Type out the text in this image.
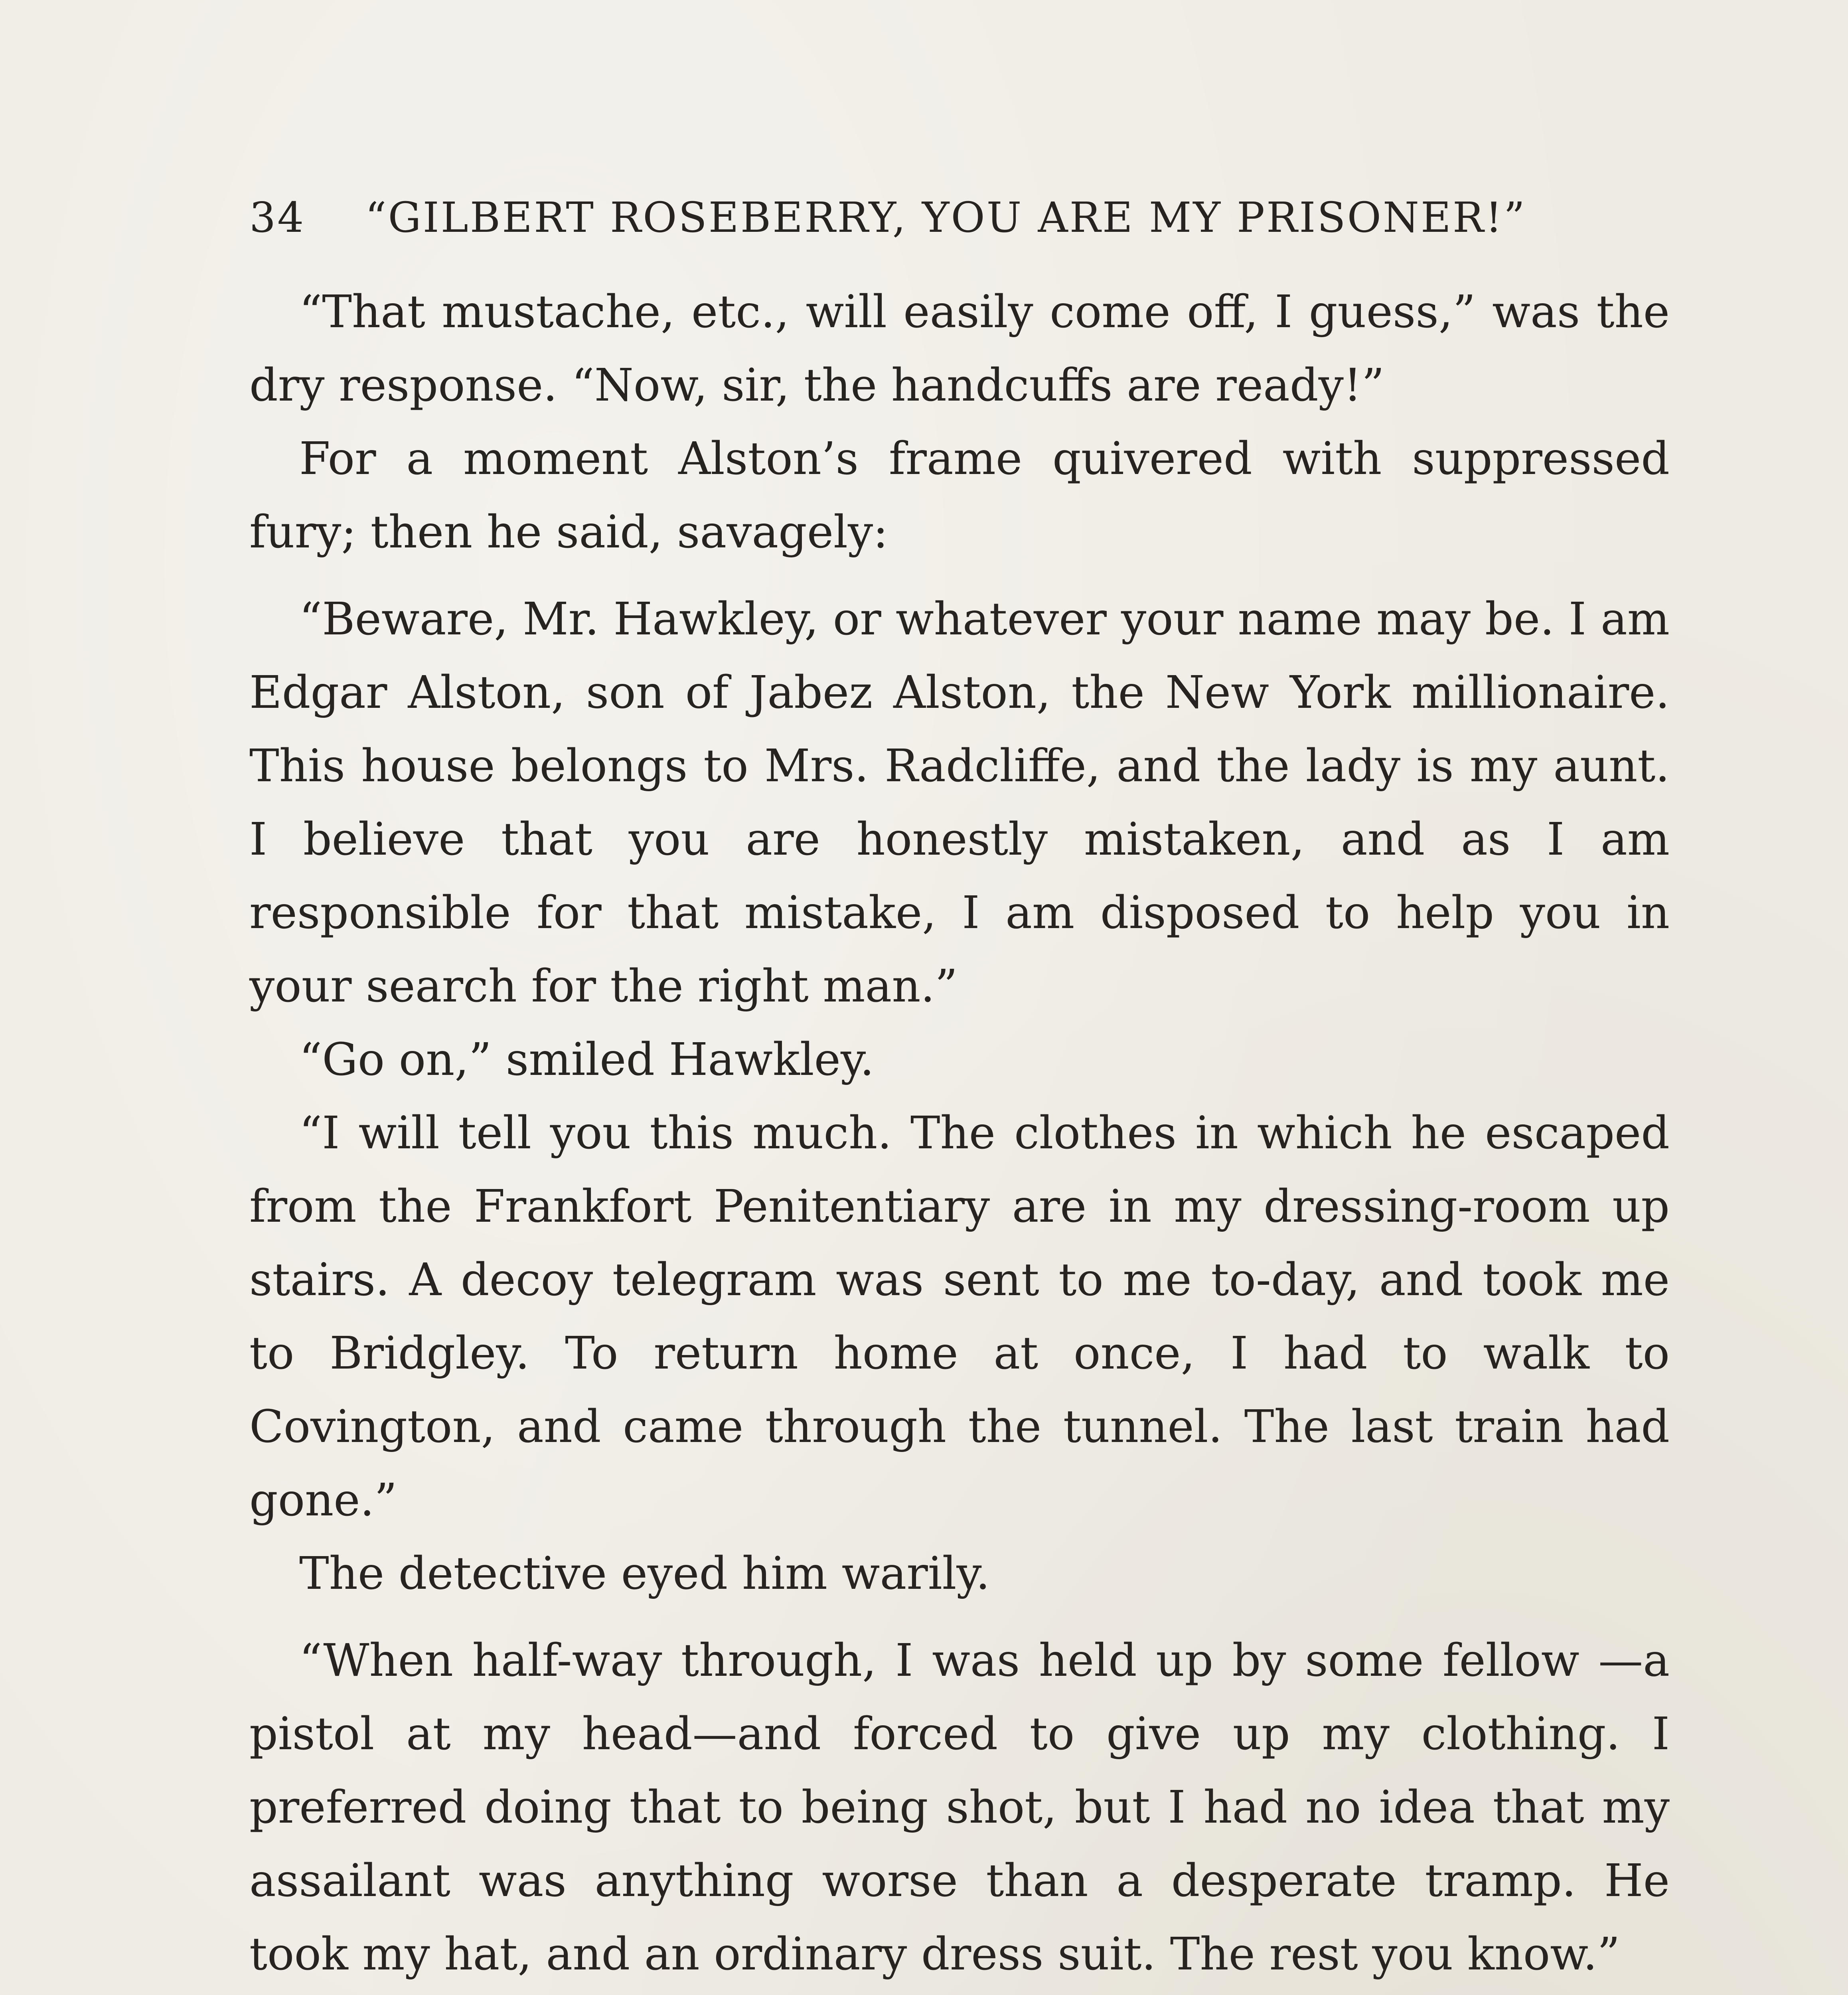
34 “GILBERT ROSEBERRY, YOU ARE MY PRISONER!”

“That mustache, etc., will easily come off, I guess,” was the dry response. “Now, sir, the handcuffs are ready!”

For a moment Alston’s frame quivered with suppressed fury; then he said, savagely:

“Beware, Mr. Hawkley, or whatever your name may be. I am Edgar Alston, son of Jabez Alston, the New York millionaire. This house belongs to Mrs. Radcliffe, and the lady is my aunt. I believe that you are honestly mistaken, and as I am responsible for that mistake, I am disposed to help you in your search for the right man.”

“Go on,” smiled Hawkley.

“I will tell you this much. The clothes in which he escaped from the Frankfort Penitentiary are in my dressing-room up stairs. A decoy telegram was sent to me to-day, and took me to Bridgley. To return home at once, I had to walk to Covington, and came through the tunnel. The last train had gone.”

The detective eyed him warily.

“When half-way through, I was held up by some fellow —a pistol at my head—and forced to give up my clothing. I preferred doing that to being shot, but I had no idea that my assailant was anything worse than a desperate tramp. He took my hat, and an ordinary dress suit. The rest you know.”
